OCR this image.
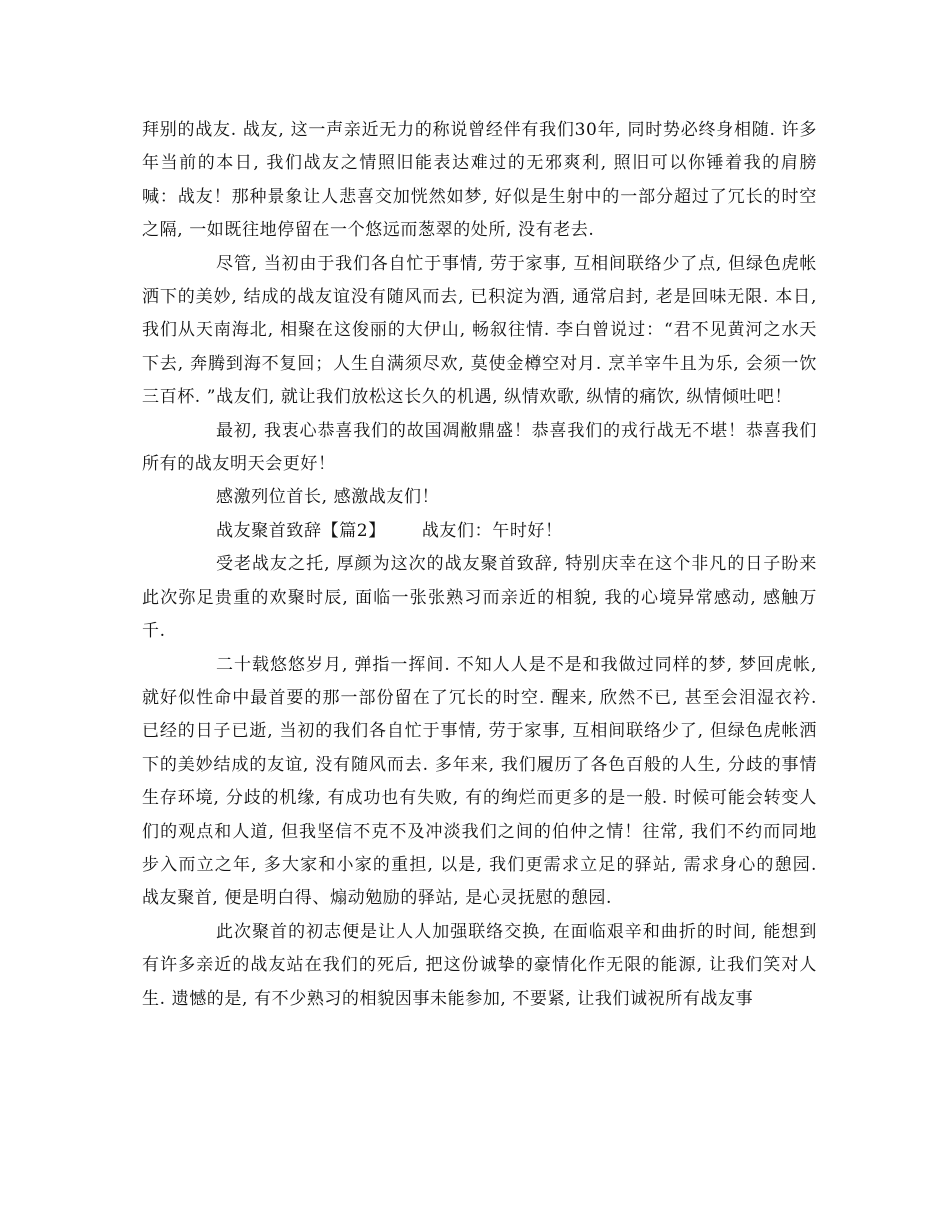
拜别的战友. 战友, 这一声亲近无力的称说曾经伴有我们30年, 同时势必终身相随. 许多年当前的本日, 我们战友之情照旧能表达难过的无邪爽利, 照旧可以你锤着我的肩膀喊：战友！那种景象让人悲喜交加恍然如梦, 好似是生射中的一部分超过了冗长的时空之隔, 一如既往地停留在一个悠远而葱翠的处所, 没有老去.

尽管, 当初由于我们各自忙于事情, 劳于家事, 互相间联络少了点, 但绿色虎帐洒下的美妙, 结成的战友谊没有随风而去, 已积淀为酒, 通常启封, 老是回味无限. 本日, 我们从天南海北, 相聚在这俊丽的大伊山, 畅叙往情. 李白曾说过：“君不见黄河之水天下去, 奔腾到海不复回；人生自满须尽欢, 莫使金樽空对月. 烹羊宰牛且为乐, 会须一饮三百杯. ”战友们, 就让我们放松这长久的机遇, 纵情欢歌, 纵情的痛饮, 纵情倾吐吧！

最初, 我衷心恭喜我们的故国凋敝鼎盛！恭喜我们的戎行战无不堪！恭喜我们所有的战友明天会更好！

感激列位首长, 感激战友们！

战友聚首致辞【篇2】 战友们：午时好！

受老战友之托, 厚颜为这次的战友聚首致辞, 特别庆幸在这个非凡的日子盼来此次弥足贵重的欢聚时辰, 面临一张张熟习而亲近的相貌, 我的心境异常感动, 感触万千.

二十载悠悠岁月, 弹指一挥间. 不知人人是不是和我做过同样的梦, 梦回虎帐, 就好似性命中最首要的那一部份留在了冗长的时空. 醒来, 欣然不已, 甚至会泪湿衣衿. 已经的日子已逝, 当初的我们各自忙于事情, 劳于家事, 互相间联络少了, 但绿色虎帐洒下的美妙结成的友谊, 没有随风而去. 多年来, 我们履历了各色百般的人生, 分歧的事情生存环境, 分歧的机缘, 有成功也有失败, 有的绚烂而更多的是一般. 时候可能会转变人们的观点和人道, 但我坚信不克不及冲淡我们之间的伯仲之情！往常, 我们不约而同地步入而立之年, 多大家和小家的重担, 以是, 我们更需求立足的驿站, 需求身心的憩园. 战友聚首, 便是明白得、煽动勉励的驿站, 是心灵抚慰的憩园.

此次聚首的初志便是让人人加强联络交换, 在面临艰辛和曲折的时间, 能想到有许多亲近的战友站在我们的死后, 把这份诚挚的豪情化作无限的能源, 让我们笑对人生. 遗憾的是, 有不少熟习的相貌因事未能参加, 不要紧, 让我们诚祝所有战友事
